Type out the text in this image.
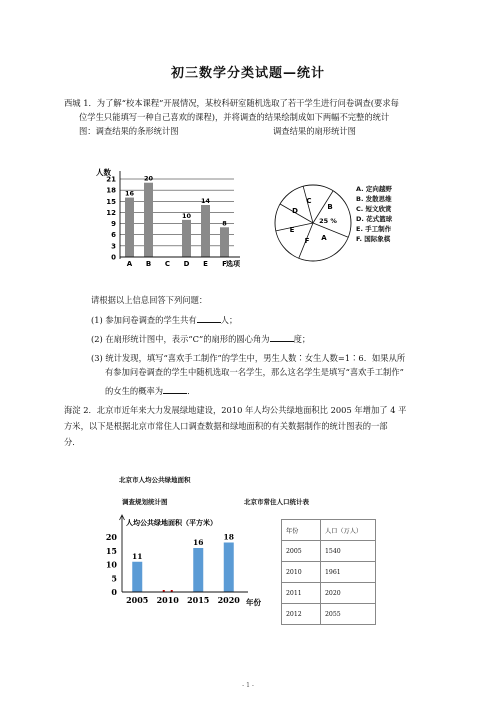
初三数学分类试题—统计
西城 1．为了解“校本课程”开展情况，某校科研室随机选取了若干学生进行问卷调查(要求每
位学生只能填写一种自己喜欢的课程)，并将调查的结果绘制成如下两幅不完整的统计
图：调查结果的条形统计图	调查结果的扇形统计图
16
20
10
14
8
0
3
6
9
12
15
18
21
A B C D E F
人数
选项
A
B
C
D
E
F
25 %
A. 定向越野
B. 发散思维
C. 短文欣赏
D. 花式篮球
E. 手工制作
F. 国际象棋
请根据以上信息回答下列问题：
(1) 参加问卷调查的学生共有	人；
(2) 在扇形统计图中，表示“C”的扇形的圆心角为	度；
(3) 统计发现，填写“喜欢手工制作”的学生中，男生人数∶女生人数=1∶6．如果从所
有参加问卷调查的学生中随机选取一名学生，那么这名学生是填写“喜欢手工制作”
的女生的概率为	．
海淀 2．北京市近年来大力发展绿地建设，2010 年人均公共绿地面积比 2005 年增加了 4 平
方米，以下是根据北京市常住人口调查数据和绿地面积的有关数据制作的统计图表的一部
分．
北京市人均公共绿地面积
调查规划统计图	北京市常住人口统计表
11
16
18
0
5
10
15
20
2005 2010 2015 2020
人均公共绿地面积（平方米）
年份
年份	人口（万人）
2005	1540
2010	1961
2011	2020
2012	2055
- 1 -
